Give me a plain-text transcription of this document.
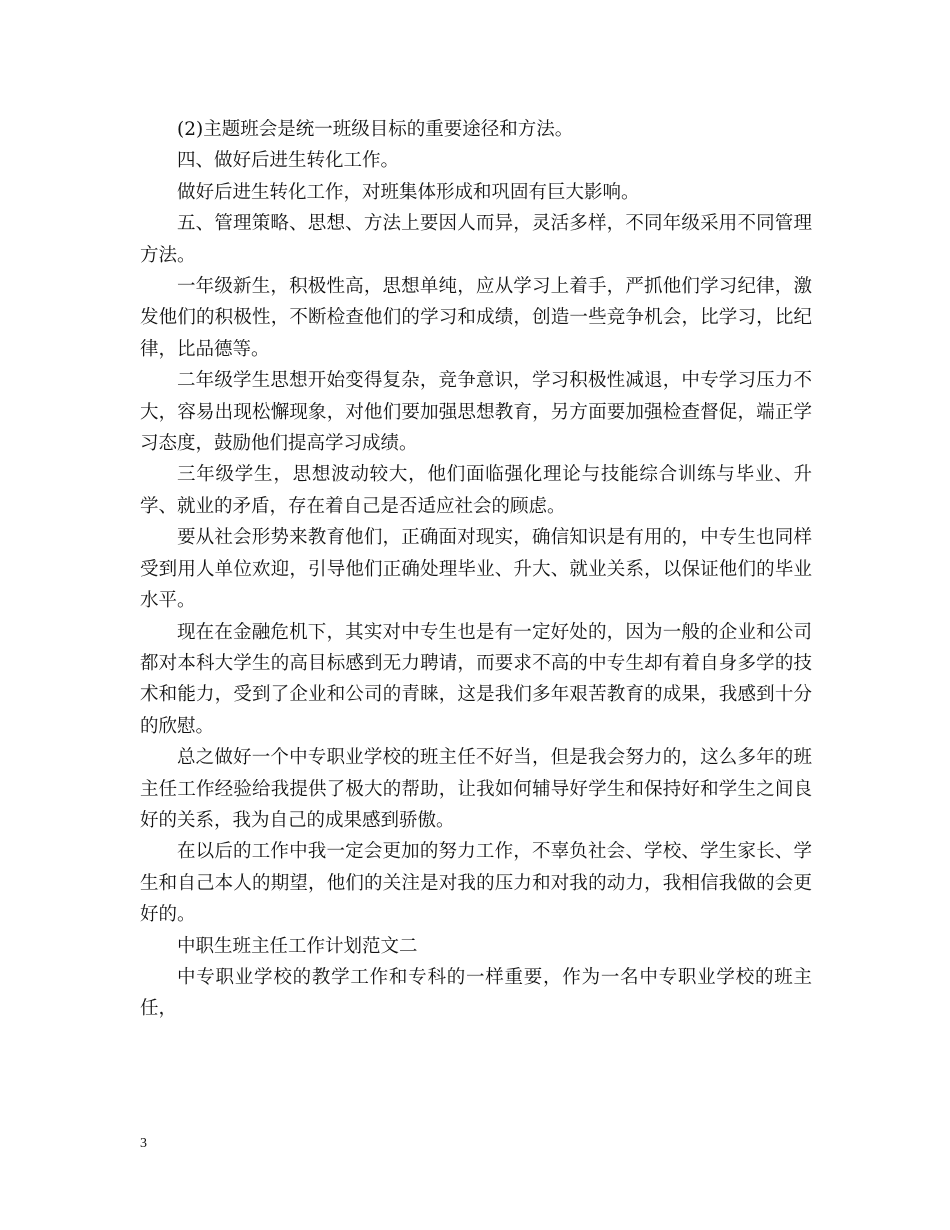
(2)主题班会是统一班级目标的重要途径和方法。

四、做好后进生转化工作。

做好后进生转化工作，对班集体形成和巩固有巨大影响。

五、管理策略、思想、方法上要因人而异，灵活多样，不同年级采用不同管理方法。

一年级新生，积极性高，思想单纯，应从学习上着手，严抓他们学习纪律，激发他们的积极性，不断检查他们的学习和成绩，创造一些竞争机会，比学习，比纪律，比品德等。

二年级学生思想开始变得复杂，竞争意识，学习积极性减退，中专学习压力不大，容易出现松懈现象，对他们要加强思想教育，另方面要加强检查督促，端正学习态度，鼓励他们提高学习成绩。

三年级学生，思想波动较大，他们面临强化理论与技能综合训练与毕业、升学、就业的矛盾，存在着自己是否适应社会的顾虑。

要从社会形势来教育他们，正确面对现实，确信知识是有用的，中专生也同样受到用人单位欢迎，引导他们正确处理毕业、升大、就业关系，以保证他们的毕业水平。

现在在金融危机下，其实对中专生也是有一定好处的，因为一般的企业和公司都对本科大学生的高目标感到无力聘请，而要求不高的中专生却有着自身多学的技术和能力，受到了企业和公司的青睐，这是我们多年艰苦教育的成果，我感到十分的欣慰。

总之做好一个中专职业学校的班主任不好当，但是我会努力的，这么多年的班主任工作经验给我提供了极大的帮助，让我如何辅导好学生和保持好和学生之间良好的关系，我为自己的成果感到骄傲。

在以后的工作中我一定会更加的努力工作，不辜负社会、学校、学生家长、学生和自己本人的期望，他们的关注是对我的压力和对我的动力，我相信我做的会更好的。

中职生班主任工作计划范文二

中专职业学校的教学工作和专科的一样重要，作为一名中专职业学校的班主任，

3
